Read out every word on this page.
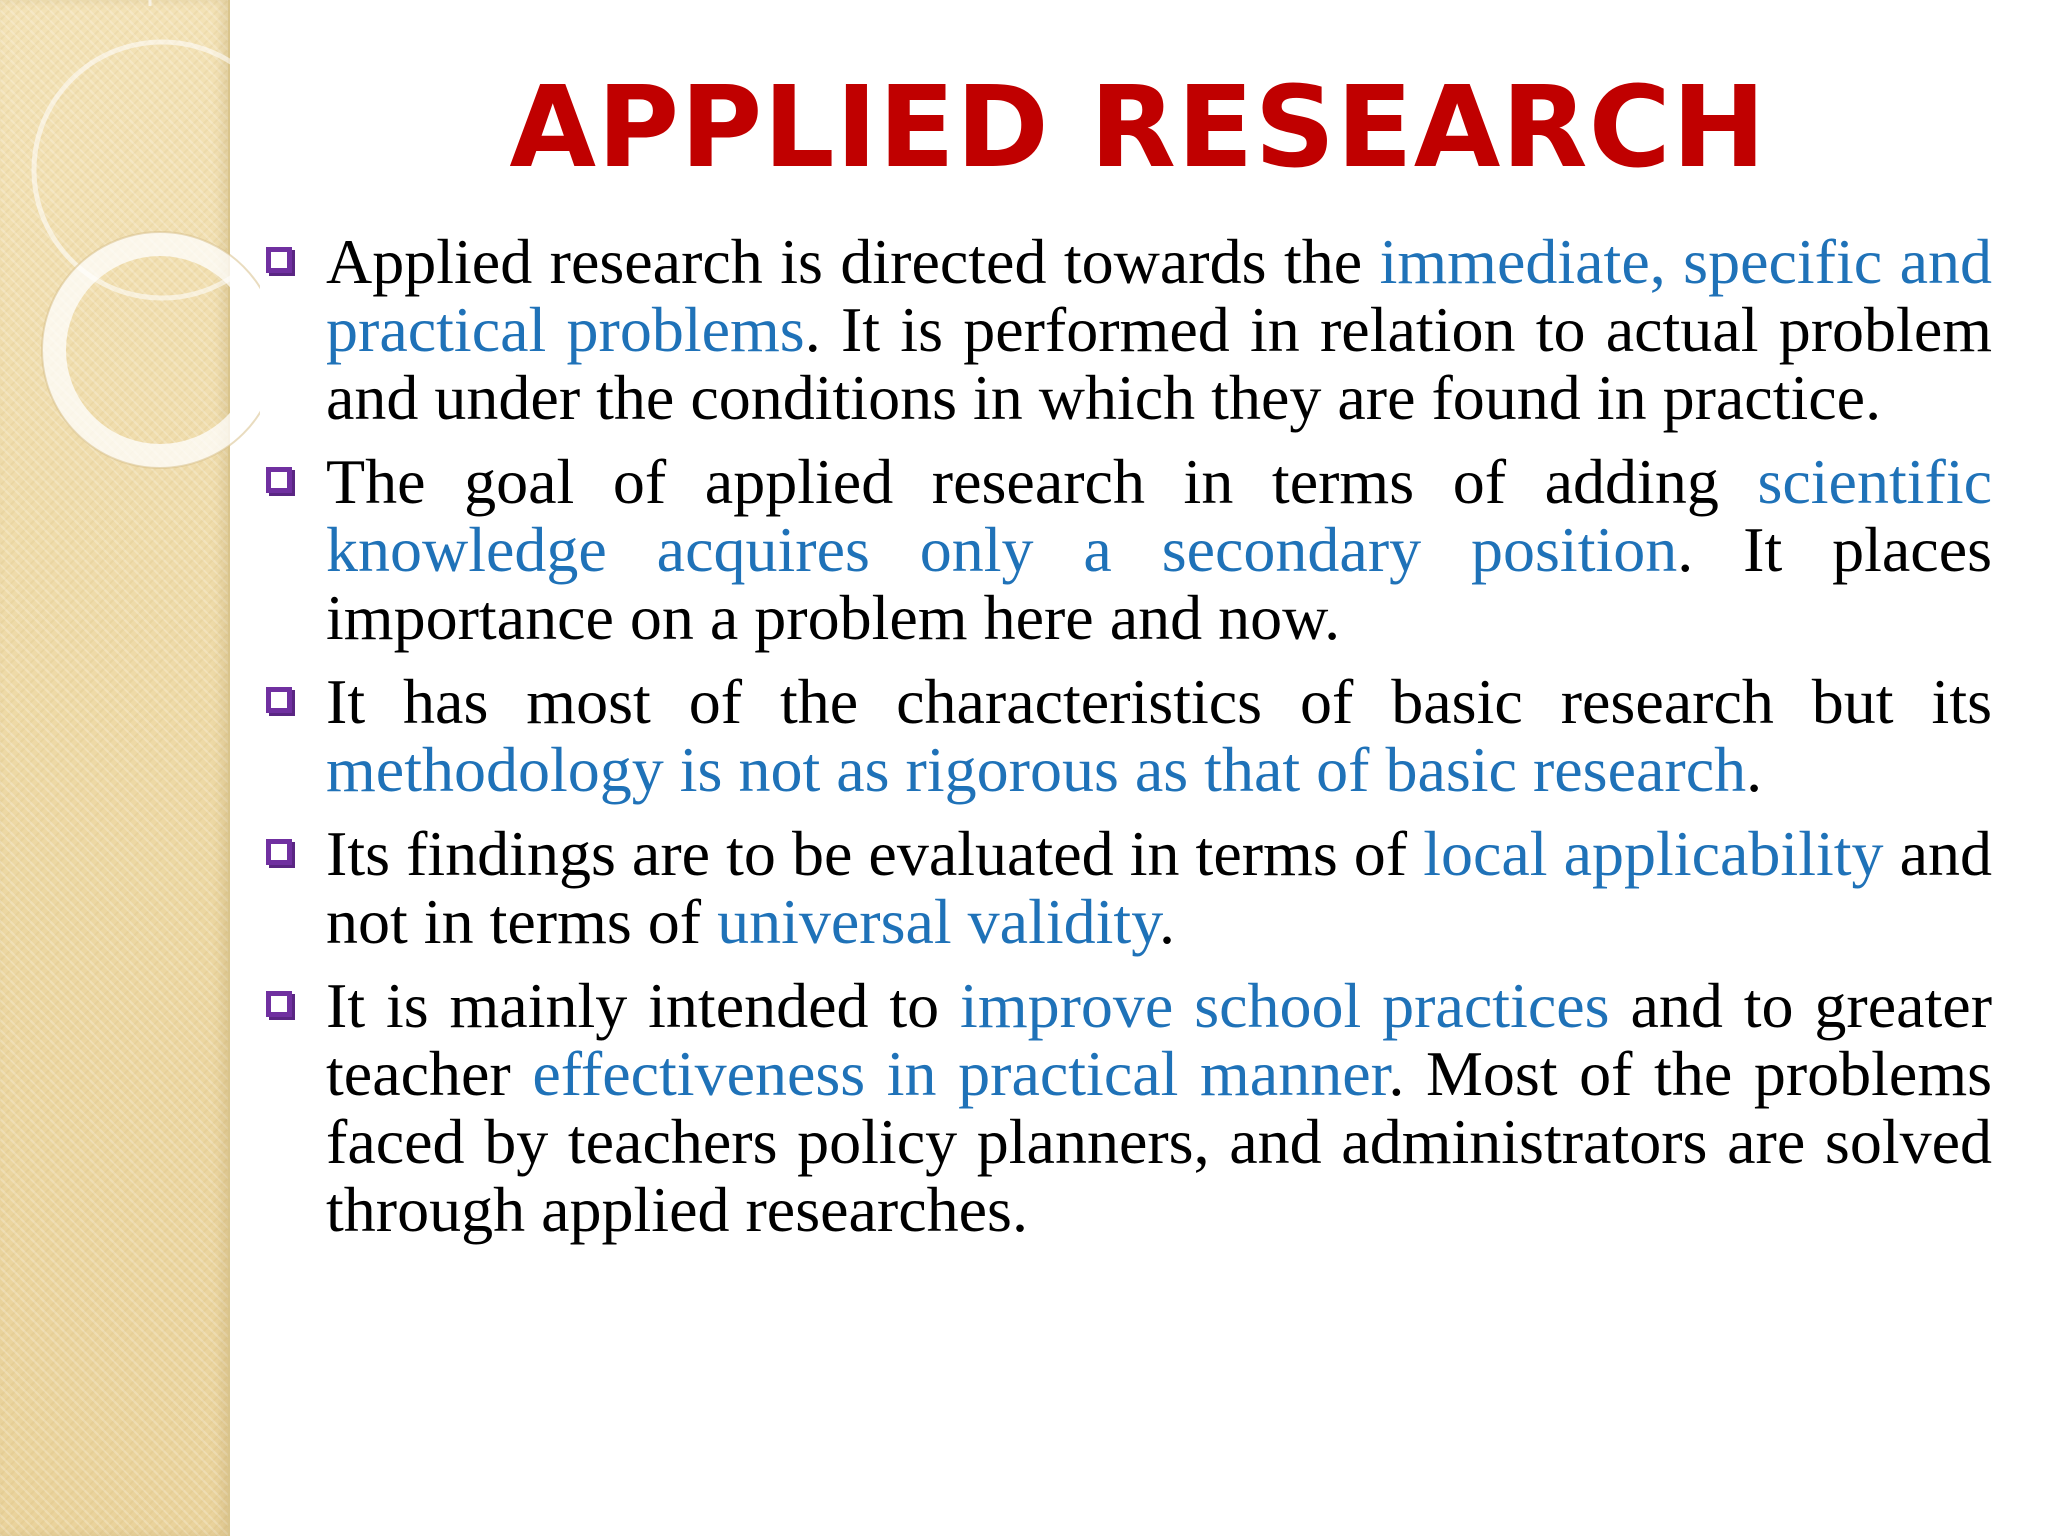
APPLIED RESEARCH
Applied research is directed towards the immediate, specific and practical problems. It is performed in relation to actual problem and under the conditions in which they are found in practice.
The goal of applied research in terms of adding scientific knowledge acquires only a secondary position. It places importance on a problem here and now.
It has most of the characteristics of basic research but its methodology is not as rigorous as that of basic research.
Its findings are to be evaluated in terms of local applicability and not in terms of universal validity.
It is mainly intended to improve school practices and to greater teacher effectiveness in practical manner. Most of the problems faced by teachers policy planners, and administrators are solved through applied researches.
